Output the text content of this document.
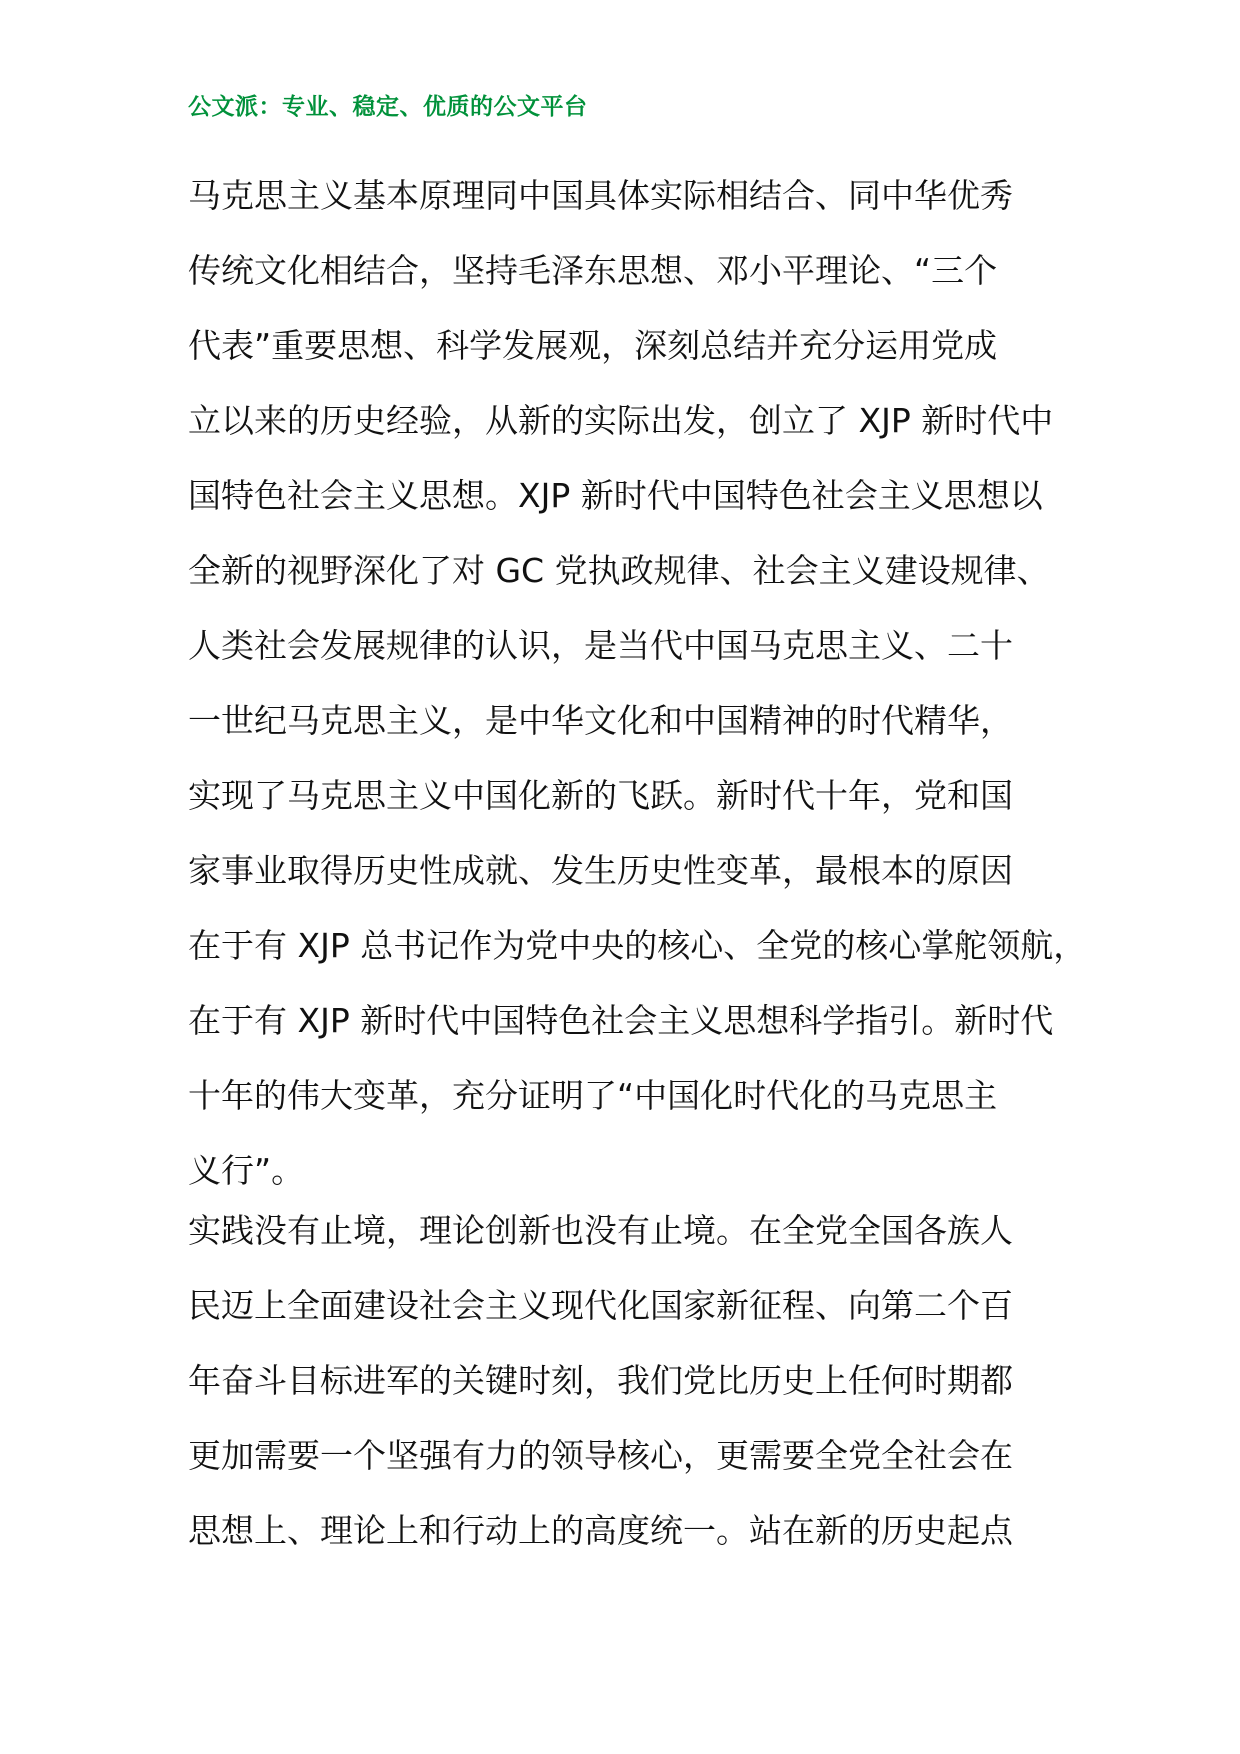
公文派：专业、稳定、优质的公文平台
马克思主义基本原理同中国具体实际相结合、同中华优秀
传统文化相结合，坚持毛泽东思想、邓小平理论、“三个
代表”重要思想、科学发展观，深刻总结并充分运用党成
立以来的历史经验，从新的实际出发，创立了 XJP 新时代中
国特色社会主义思想。XJP 新时代中国特色社会主义思想以
全新的视野深化了对 GC 党执政规律、社会主义建设规律、
人类社会发展规律的认识，是当代中国马克思主义、二十
一世纪马克思主义，是中华文化和中国精神的时代精华，
实现了马克思主义中国化新的飞跃。新时代十年，党和国
家事业取得历史性成就、发生历史性变革，最根本的原因
在于有 XJP 总书记作为党中央的核心、全党的核心掌舵领航，
在于有 XJP 新时代中国特色社会主义思想科学指引。新时代
十年的伟大变革，充分证明了“中国化时代化的马克思主
义行”。
实践没有止境，理论创新也没有止境。在全党全国各族人
民迈上全面建设社会主义现代化国家新征程、向第二个百
年奋斗目标进军的关键时刻，我们党比历史上任何时期都
更加需要一个坚强有力的领导核心，更需要全党全社会在
思想上、理论上和行动上的高度统一。站在新的历史起点
